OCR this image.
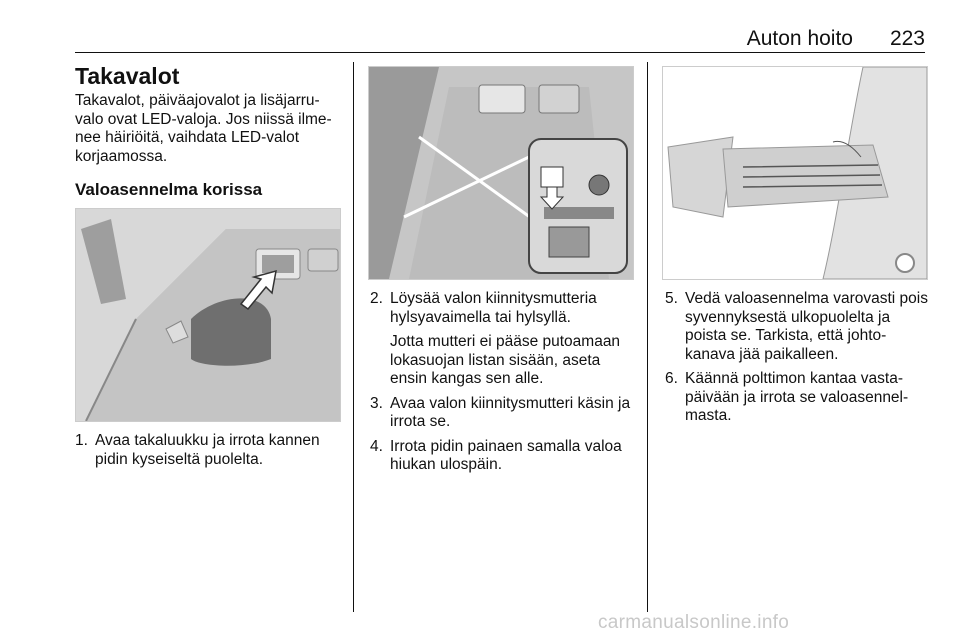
Auton hoito 223
Takavalot
Takavalot, päiväajovalot ja lisäjarru-valo ovat LED-valoja. Jos niissä ilme-nee häiriöitä, vaihdata LED-valot korjaamossa.
Valoasennelma korissa
1. Avaa takaluukku ja irrota kannen pidin kyseiseltä puolelta.
2. Löysää valon kiinnitysmutteria hylsyavaimella tai hylsyllä.
Jotta mutteri ei pääse putoamaan lokasuojan listan sisään, aseta ensin kangas sen alle.
3. Avaa valon kiinnitysmutteri käsin ja irrota se.
4. Irrota pidin painaen samalla valoa hiukan ulospäin.
5. Vedä valoasennelma varovasti pois syvennyksestä ulkopuolelta ja poista se. Tarkista, että johto-kanava jää paikalleen.
6. Käännä polttimon kantaa vasta-päivään ja irrota se valoasennel-masta.
carmanualsonline.info
